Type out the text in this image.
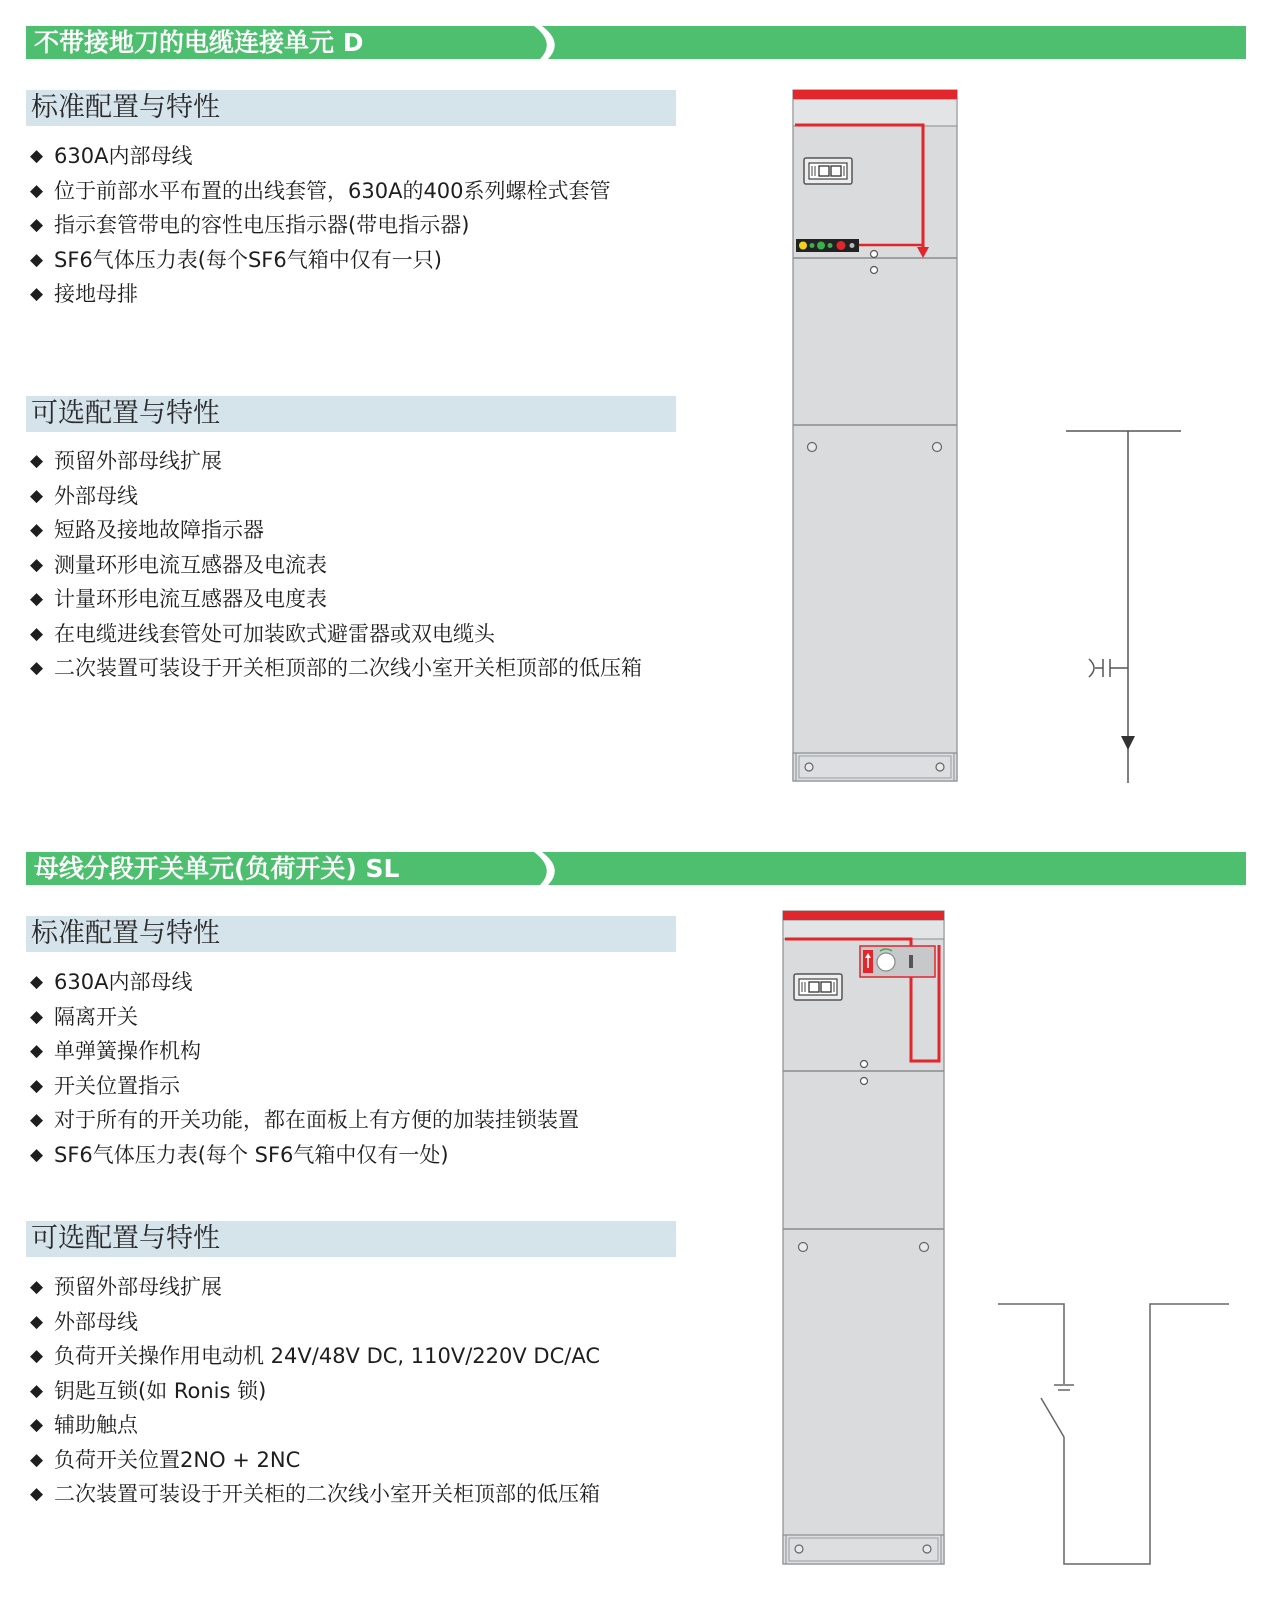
不带接地刀的电缆连接单元 D
标准配置与特性
◆630A内部母线
◆位于前部水平布置的出线套管，630A的400系列螺栓式套管
◆指示套管带电的容性电压指示器(带电指示器)
◆SF6气体压力表(每个SF6气箱中仅有一只)
◆接地母排
可选配置与特性
◆预留外部母线扩展
◆外部母线
◆短路及接地故障指示器
◆测量环形电流互感器及电流表
◆计量环形电流互感器及电度表
◆在电缆进线套管处可加装欧式避雷器或双电缆头
◆二次装置可装设于开关柜顶部的二次线小室开关柜顶部的低压箱
母线分段开关单元(负荷开关) SL
标准配置与特性
◆630A内部母线
◆隔离开关
◆单弹簧操作机构
◆开关位置指示
◆对于所有的开关功能，都在面板上有方便的加装挂锁装置
◆SF6气体压力表(每个 SF6气箱中仅有一处)
可选配置与特性
◆预留外部母线扩展
◆外部母线
◆负荷开关操作用电动机 24V/48V DC, 110V/220V DC/AC
◆钥匙互锁(如 Ronis 锁)
◆辅助触点
◆负荷开关位置2NO + 2NC
◆二次装置可装设于开关柜的二次线小室开关柜顶部的低压箱
